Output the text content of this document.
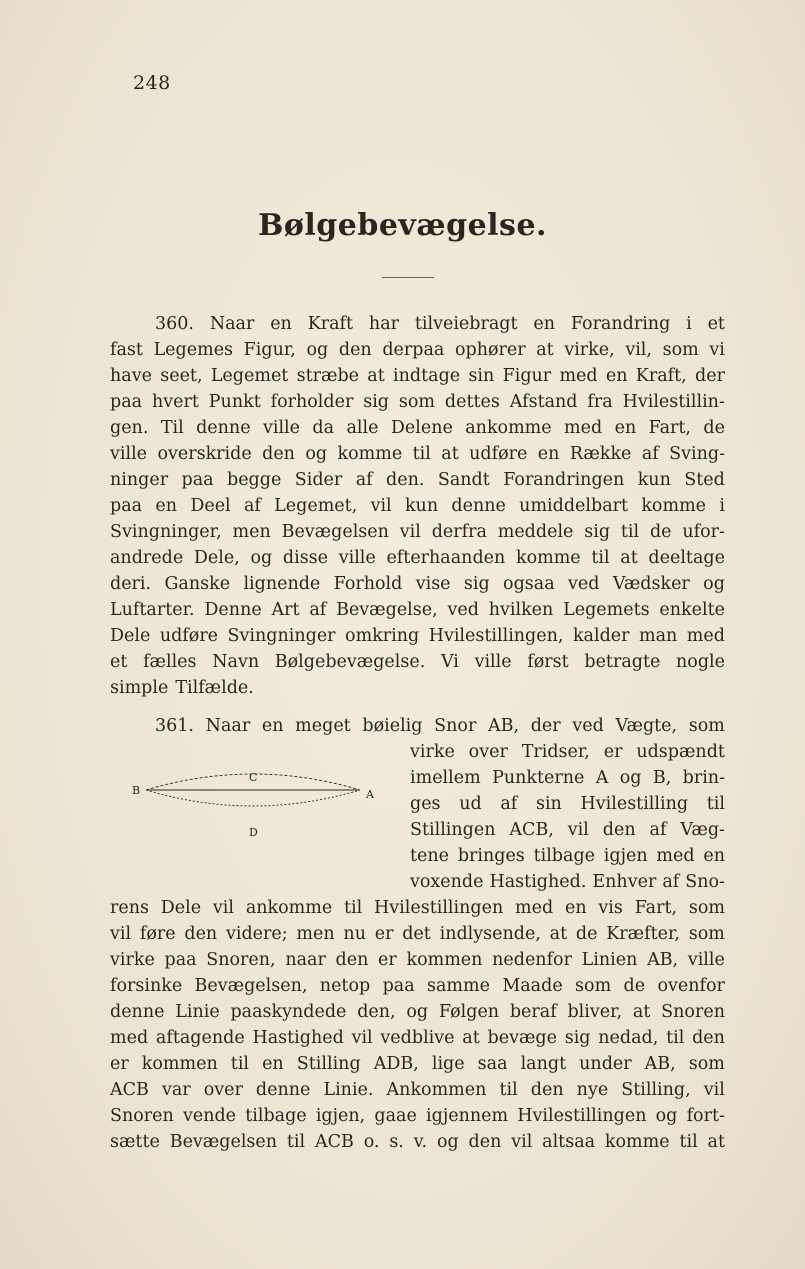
248
Bølgebevægelse.
360. Naar en Kraft har tilveiebragt en Forandring i et
fast Legemes Figur, og den derpaa ophører at virke, vil, som vi
have seet, Legemet stræbe at indtage sin Figur med en Kraft, der
paa hvert Punkt forholder sig som dettes Afstand fra Hvilestillin-
gen. Til denne ville da alle Delene ankomme med en Fart, de
ville overskride den og komme til at udføre en Række af Sving-
ninger paa begge Sider af den. Sandt Forandringen kun Sted
paa en Deel af Legemet, vil kun denne umiddelbart komme i
Svingninger, men Bevægelsen vil derfra meddele sig til de ufor-
andrede Dele, og disse ville efterhaanden komme til at deeltage
deri. Ganske lignende Forhold vise sig ogsaa ved Vædsker og
Luftarter. Denne Art af Bevægelse, ved hvilken Legemets enkelte
Dele udføre Svingninger omkring Hvilestillingen, kalder man med
et fælles Navn Bølgebevægelse. Vi ville først betragte nogle
simple Tilfælde.
361. Naar en meget bøielig Snor AB, der ved Vægte, som
virke over Tridser, er udspændt
imellem Punkterne A og B, brin-
ges ud af sin Hvilestilling til
Stillingen ACB, vil den af Væg-
tene bringes tilbage igjen med en
voxende Hastighed. Enhver af Sno-
rens Dele vil ankomme til Hvilestillingen med en vis Fart, som
vil føre den videre; men nu er det indlysende, at de Kræfter, som
virke paa Snoren, naar den er kommen nedenfor Linien AB, ville
forsinke Bevægelsen, netop paa samme Maade som de ovenfor
denne Linie paaskyndede den, og Følgen beraf bliver, at Snoren
med aftagende Hastighed vil vedblive at bevæge sig nedad, til den
er kommen til en Stilling ADB, lige saa langt under AB, som
ACB var over denne Linie. Ankommen til den nye Stilling, vil
Snoren vende tilbage igjen, gaae igjennem Hvilestillingen og fort-
sætte Bevægelsen til ACB o. s. v. og den vil altsaa komme til at
C
B	A
D
